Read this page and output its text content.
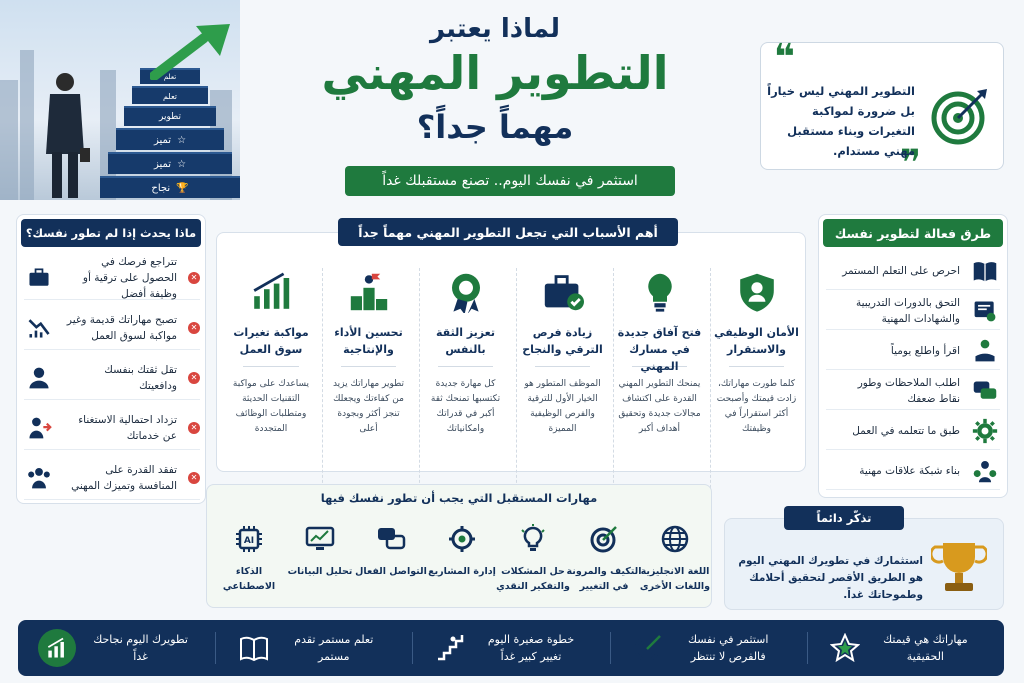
نجاح 🏆
تميز ☆
تميز ☆
تطوير
تعلم
تعلم
لماذا يعتبر
التطوير المهني
مهماً جداً؟
استثمر في نفسك اليوم.. تصنع مستقبلك غداً
❝
❞
التطوير المهني ليس خياراً بل ضرورة لمواكبة التغيرات وبناء مستقبل مهني مستدام.
ماذا يحدث إذا لم تطور نفسك؟
✕
تتراجع فرصك في الحصول على ترقية أو وظيفة أفضل
✕
تصبح مهاراتك قديمة وغير مواكبة لسوق العمل
✕
تقل ثقتك بنفسك ودافعيتك
✕
تزداد احتمالية الاستغناء عن خدماتك
✕
تفقد القدرة على المنافسة وتميزك المهني
أهم الأسباب التي تجعل التطوير المهني مهماً جداً
الأمان الوظيفي والاستقرار
كلما طورت مهاراتك، زادت قيمتك وأصبحت أكثر استقراراً في وظيفتك
فتح آفاق جديدة في مسارك المهني
يمنحك التطوير المهني القدرة على اكتشاف مجالات جديدة وتحقيق أهداف أكبر
زيادة فرص الترقي والنجاح
الموظف المتطور هو الخيار الأول للترقية والفرص الوظيفية المميزة
تعزيز الثقة بالنفس
كل مهارة جديدة تكتسبها تمنحك ثقة أكبر في قدراتك وامكانياتك
تحسين الأداء والإنتاجية
تطوير مهاراتك يزيد من كفاءتك ويجعلك تنجز أكثر وبجودة أعلى
مواكبة تغيرات سوق العمل
يساعدك على مواكبة التقنيات الحديثة ومتطلبات الوظائف المتجددة
طرق فعالة لتطوير نفسك
احرص على التعلم المستمر
التحق بالدورات التدريبية والشهادات المهنية
اقرأ واطلع يومياً
اطلب الملاحظات وطور نقاط ضعفك
طبق ما تتعلمه في العمل
بناء شبكة علاقات مهنية
مهارات المستقبل التي يجب أن تطور نفسك فيها
اللغة الانجليزية واللغات الأخرى
التكيف والمرونة في التغيير
حل المشكلات والتفكير النقدي
إدارة المشاريع
التواصل الفعال
تحليل البيانات
AI
الذكاء الاصطناعي
استثمارك في تطويرك المهني اليوم هو الطريق الأقصر لتحقيق أحلامك وطموحاتك غداً.
تذكّر دائماً
مهاراتك هي قيمتك الحقيقية
استثمر في نفسك فالفرص لا تنتظر
خطوة صغيرة اليوم تغيير كبير غداً
تعلم مستمر تقدم مستمر
تطويرك اليوم نجاحك غداً
